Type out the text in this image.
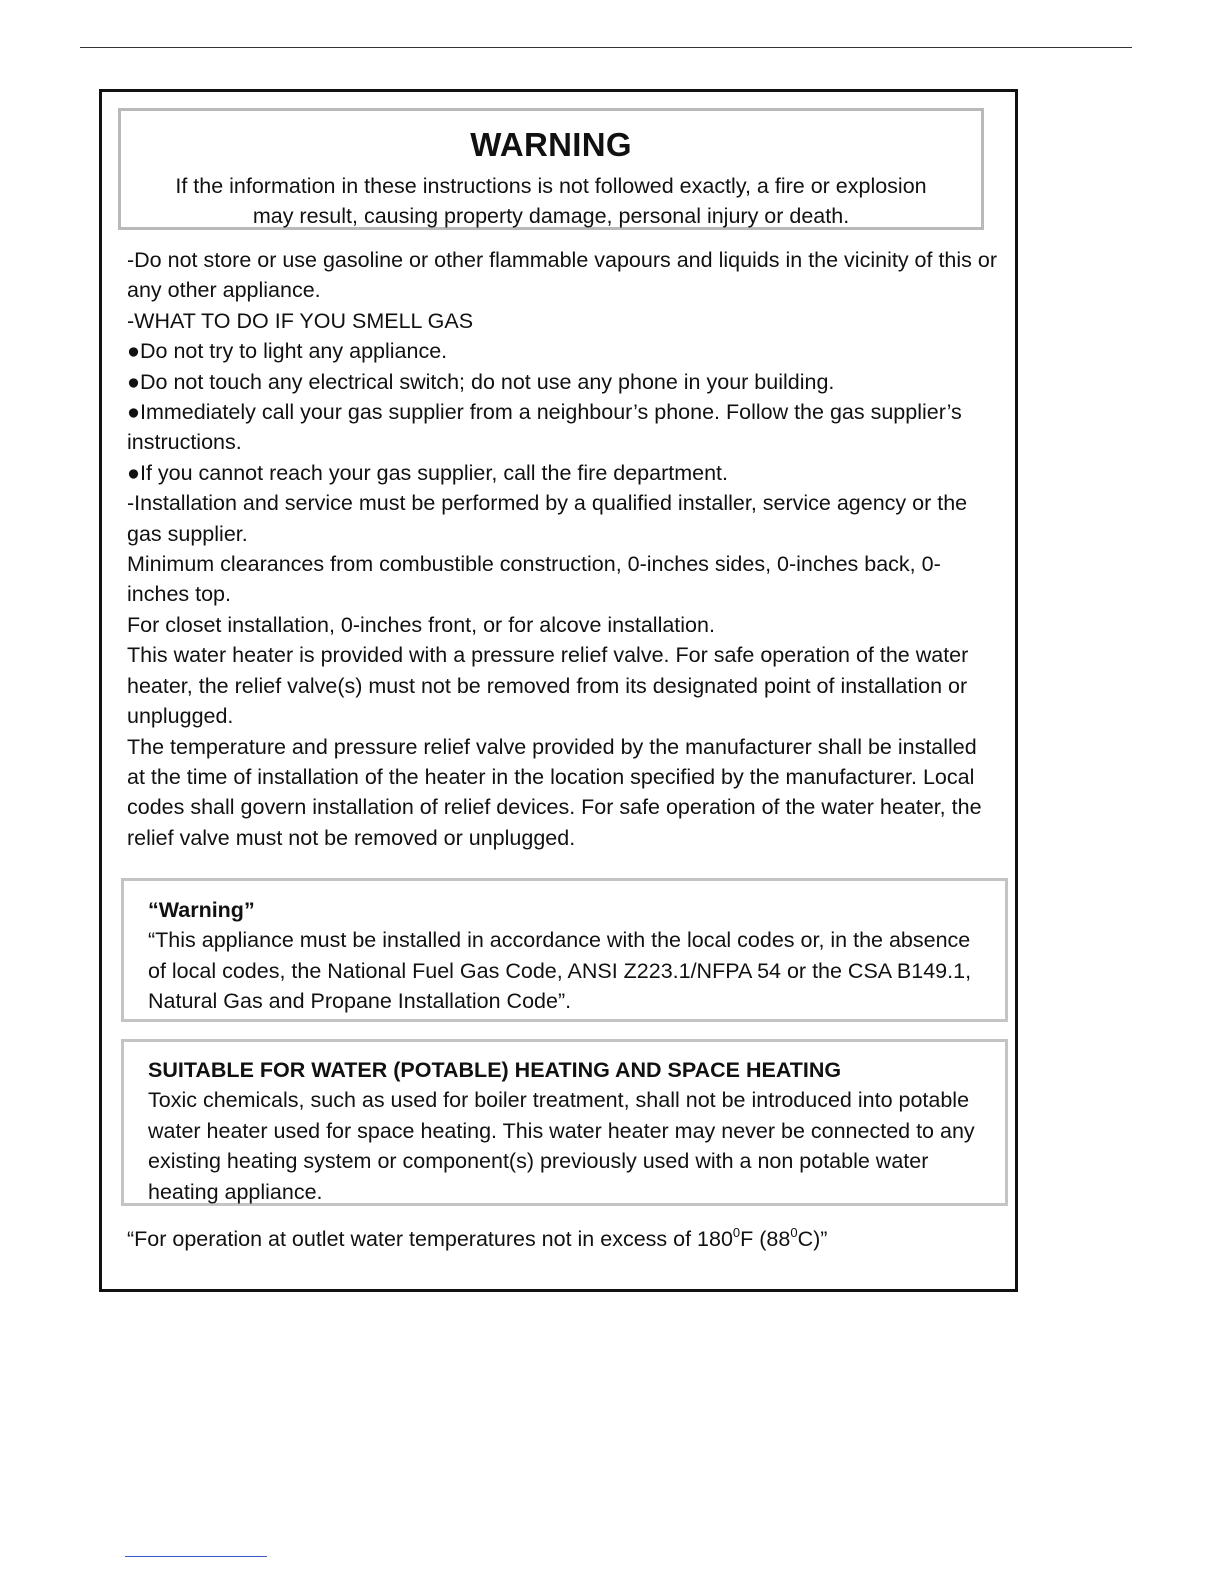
WARNING
If the information in these instructions is not followed exactly, a fire or explosion
may result, causing property damage, personal injury or death.
-Do not store or use gasoline or other flammable vapours and liquids in the vicinity of this or any other appliance.
-WHAT TO DO IF YOU SMELL GAS
●Do not try to light any appliance.
●Do not touch any electrical switch; do not use any phone in your building.
●Immediately call your gas supplier from a neighbour’s phone. Follow the gas supplier’s instructions.
●If you cannot reach your gas supplier, call the fire department.
-Installation and service must be performed by a qualified installer, service agency or the gas supplier.
Minimum clearances from combustible construction, 0-inches sides, 0-inches back, 0-inches top.
For closet installation, 0-inches front, or for alcove installation.
This water heater is provided with a pressure relief valve. For safe operation of the water heater, the relief valve(s) must not be removed from its designated point of installation or unplugged.
The temperature and pressure relief valve provided by the manufacturer shall be installed at the time of installation of the heater in the location specified by the manufacturer. Local codes shall govern installation of relief devices. For safe operation of the water heater, the relief valve must not be removed or unplugged.
“Warning”
“This appliance must be installed in accordance with the local codes or, in the absence of local codes, the National Fuel Gas Code, ANSI Z223.1/NFPA 54 or the CSA B149.1, Natural Gas and Propane Installation Code”.
SUITABLE FOR WATER (POTABLE) HEATING AND SPACE HEATING
Toxic chemicals, such as used for boiler treatment, shall not be introduced into potable water heater used for space heating. This water heater may never be connected to any existing heating system or component(s) previously used with a non potable water heating appliance.
“For operation at outlet water temperatures not in excess of $180^0F$ $(88^0C)$”
